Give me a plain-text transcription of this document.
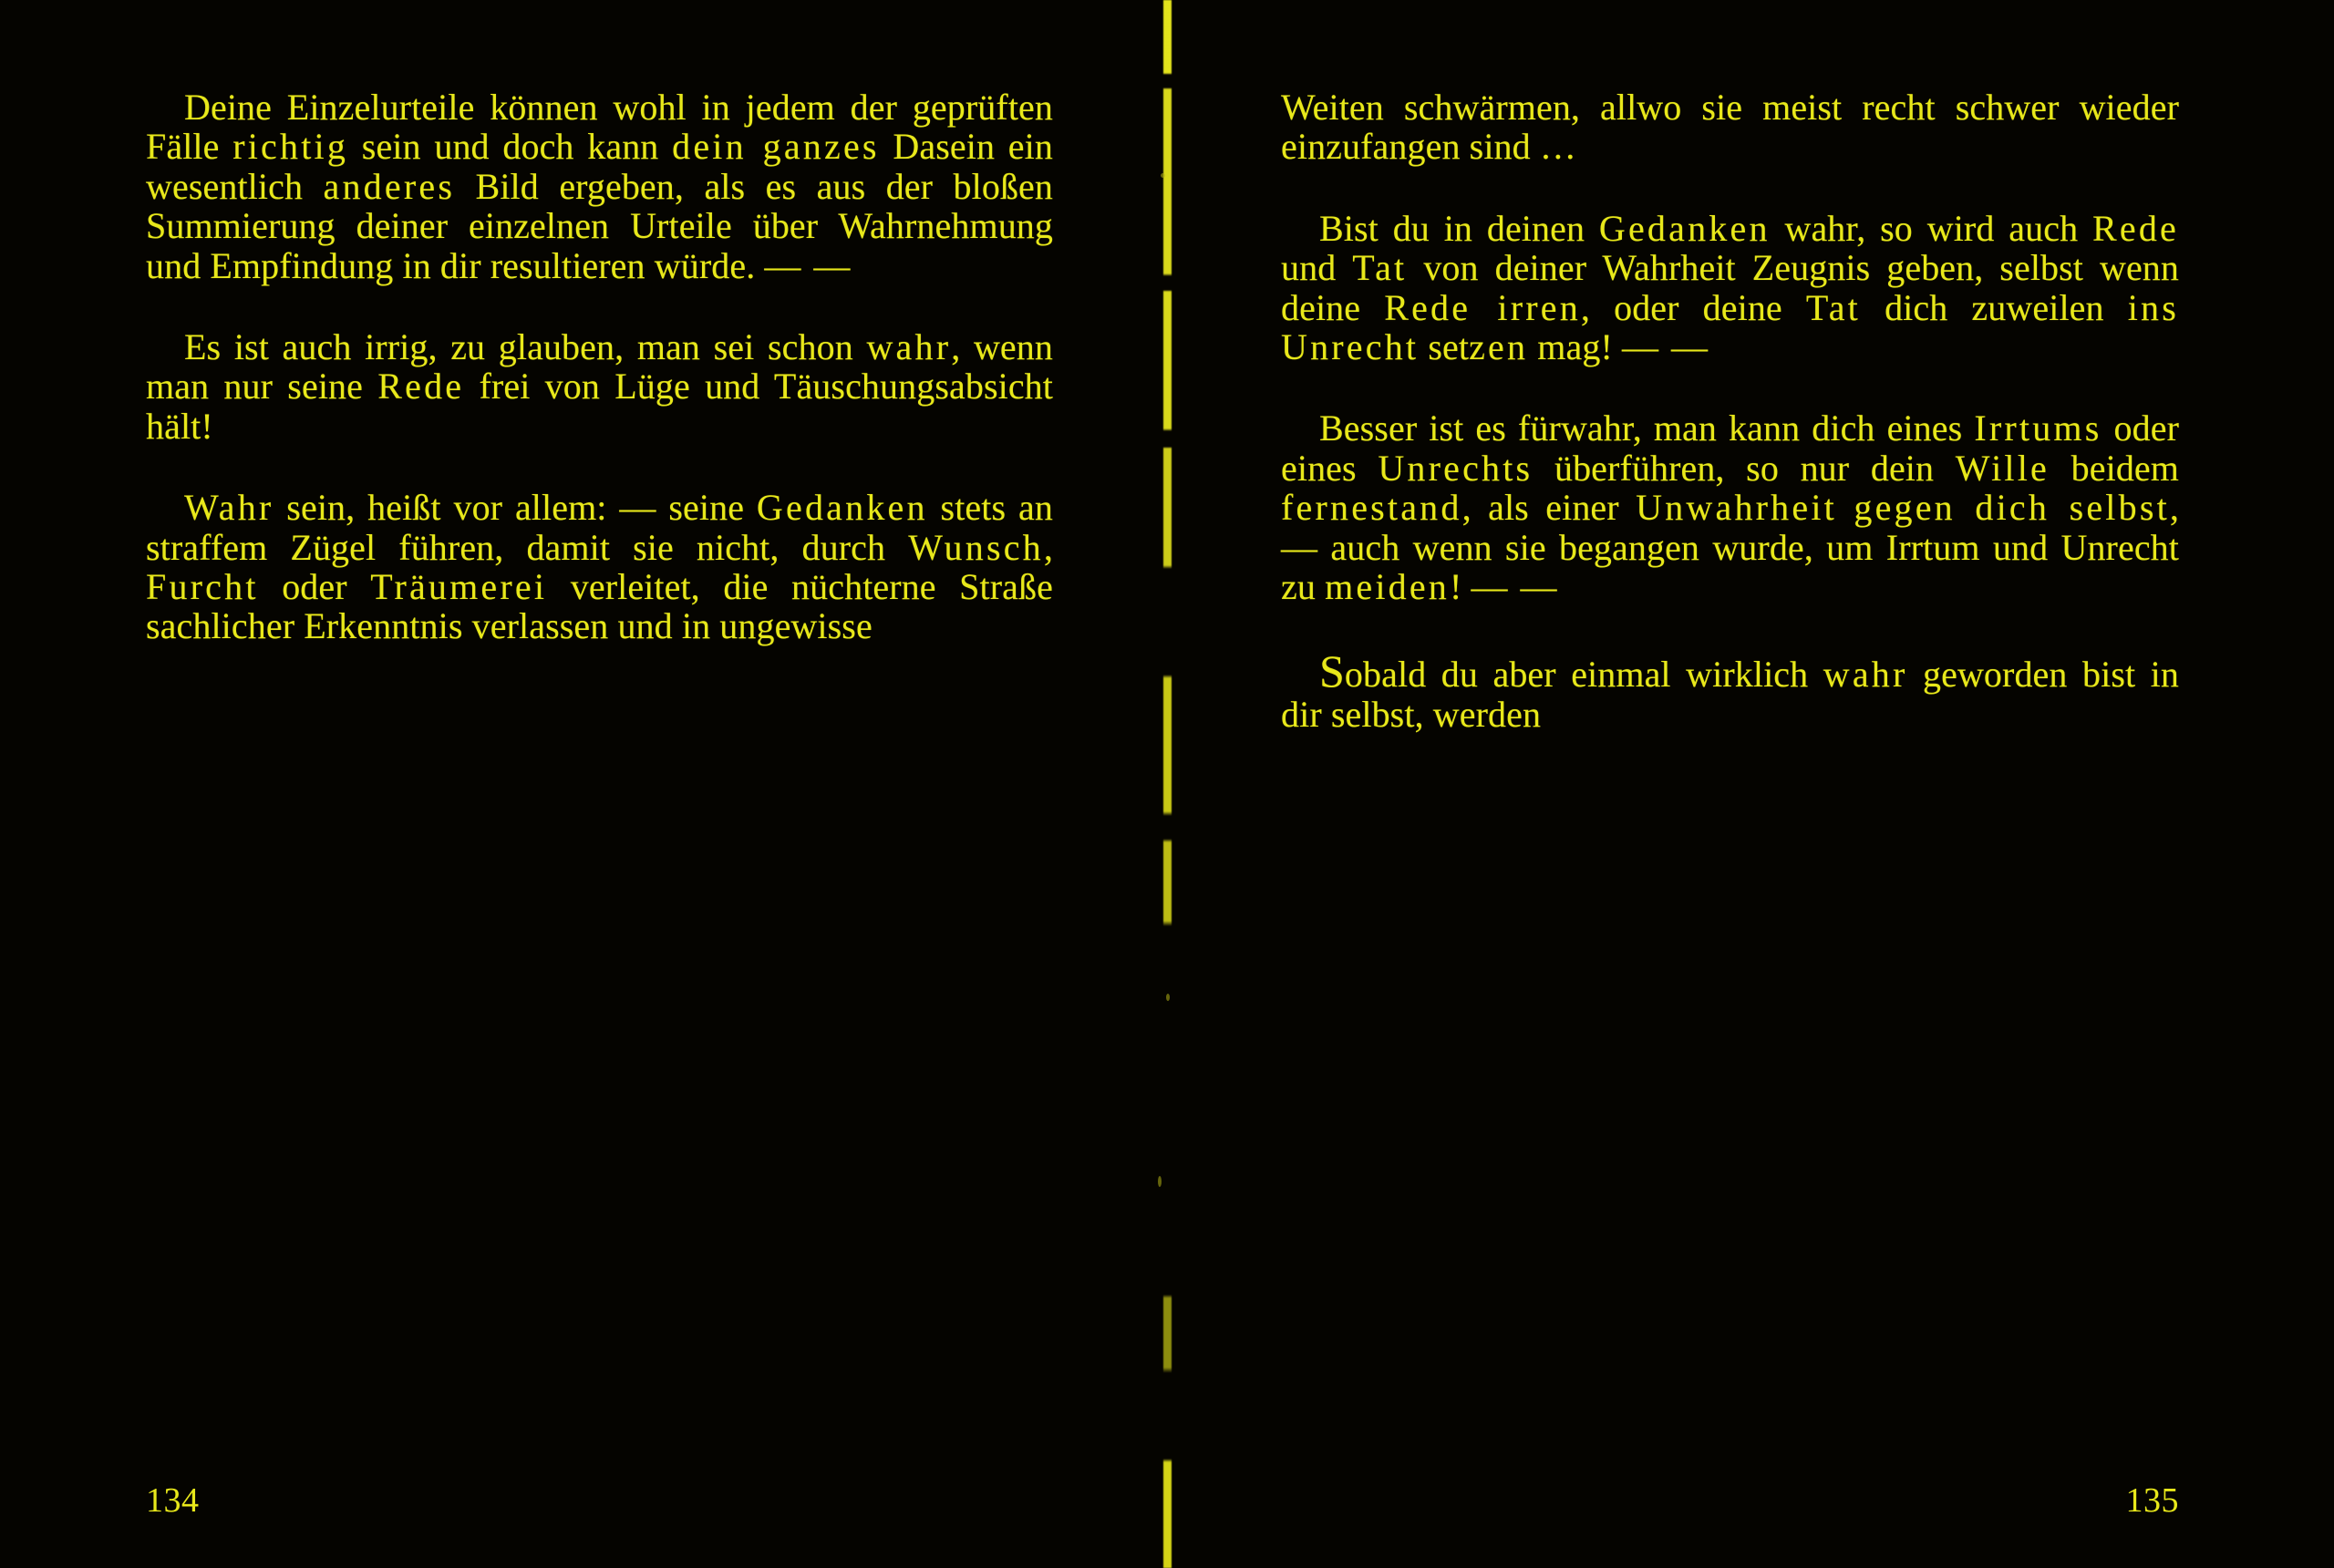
Deine Einzelurteile können wohl in jedem der geprüften Fälle richtig sein und doch kann dein ganzes Dasein ein wesentlich anderes Bild ergeben, als es aus der bloßen Summierung deiner einzelnen Urteile über Wahrnehmung und Empfindung in dir resultieren würde. — —

Es ist auch irrig, zu glauben, man sei schon wahr, wenn man nur seine Rede frei von Lüge und Täuschungsabsicht hält!

Wahr sein, heißt vor allem: — seine Gedanken stets an straffem Zügel führen, damit sie nicht, durch Wunsch, Furcht oder Träumerei verleitet, die nüchterne Straße sachlicher Erkenntnis verlassen und in ungewisse

134

Weiten schwärmen, allwo sie meist recht schwer wieder einzufangen sind …

Bist du in deinen Gedanken wahr, so wird auch Rede und Tat von deiner Wahrheit Zeugnis geben, selbst wenn deine Rede irren, oder deine Tat dich zuweilen ins Unrecht setzen mag! — —

Besser ist es fürwahr, man kann dich eines Irrtums oder eines Unrechts überführen, so nur dein Wille beidem fernestand, als einer Unwahrheit gegen dich selbst, — auch wenn sie begangen wurde, um Irrtum und Unrecht zu meiden! — —

Sobald du aber einmal wirklich wahr geworden bist in dir selbst, werden

135
